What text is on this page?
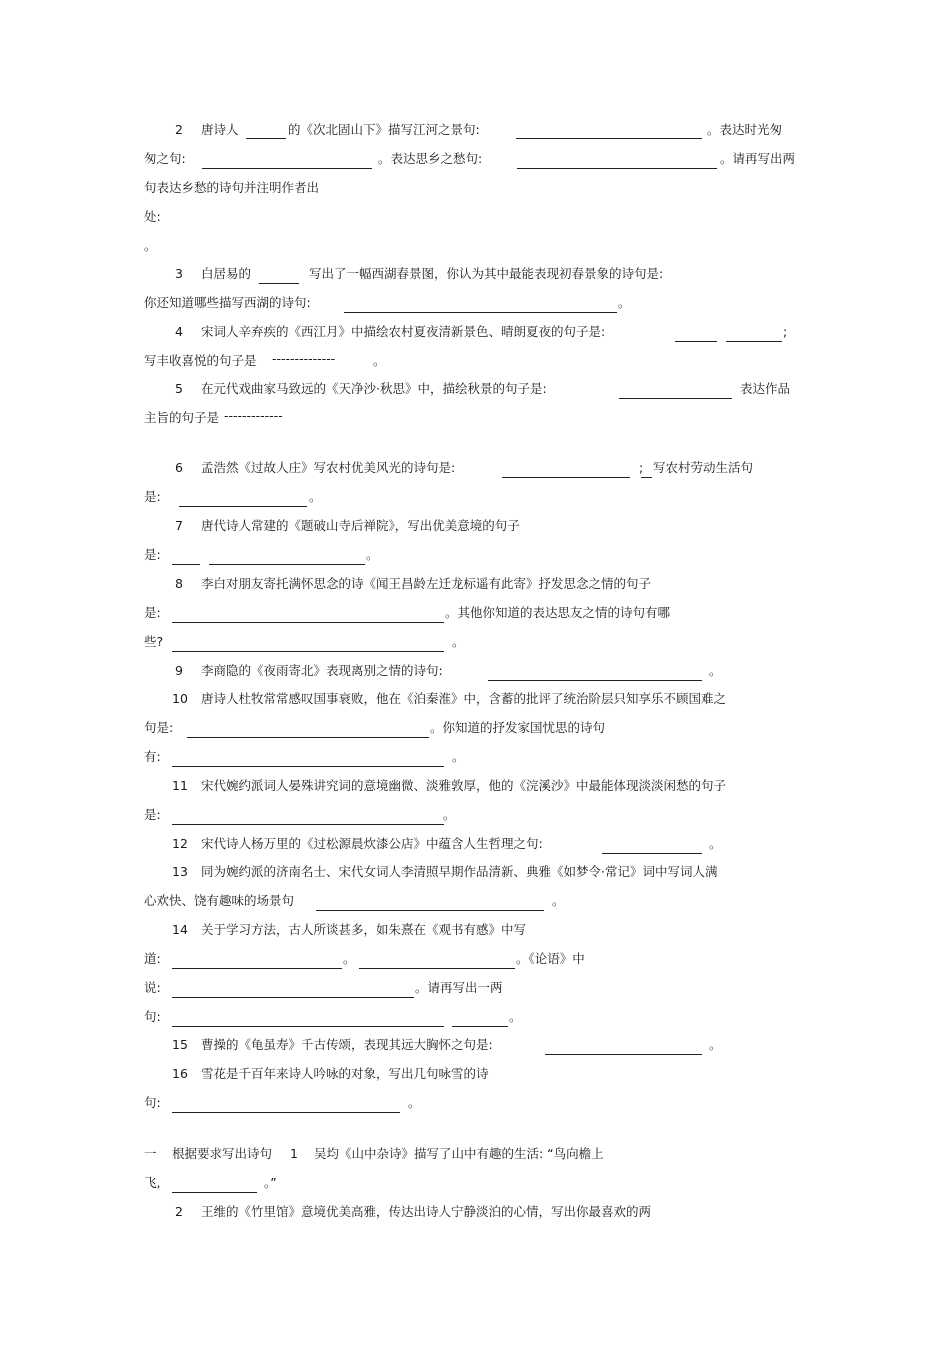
2 唐诗人	的《次北固山下》描写江河之景句:	。表达时光匆
匆之句:	。表达思乡之愁句:	。请再写出两
句表达乡愁的诗句并注明作者出
处:
。
3 白居易的	写出了一幅西湖春景图，你认为其中最能表现初春景象的诗句是:
你还知道哪些描写西湖的诗句:	。
4 宋词人辛弃疾的《西江月》中描绘农村夏夜清新景色、晴朗夏夜的句子是:	;
写丰收喜悦的句子是 --------------	。
5 在元代戏曲家马致远的《天净沙·秋思》中，描绘秋景的句子是:	表达作品
主旨的句子是 -------------
6 孟浩然《过故人庄》写农村优美风光的诗句是:	; 写农村劳动生活句
是:	。
7 唐代诗人常建的《题破山寺后禅院》，写出优美意境的句子
是:	。
8 李白对朋友寄托满怀思念的诗《闻王昌龄左迁龙标遥有此寄》抒发思念之情的句子
是:	。其他你知道的表达思友之情的诗句有哪
些?	。
9 李商隐的《夜雨寄北》表现离别之情的诗句:	。
10 唐诗人杜牧常常感叹国事衰败，他在《泊秦淮》中，含蓄的批评了统治阶层只知享乐不顾国难之
句是:	。你知道的抒发家国忧思的诗句
有:	。
11 宋代婉约派词人晏殊讲究词的意境幽微、淡雅敦厚，他的《浣溪沙》中最能体现淡淡闲愁的句子
是:	。
12 宋代诗人杨万里的《过松源晨炊漆公店》中蕴含人生哲理之句:	。
13 同为婉约派的济南名士、宋代女词人李清照早期作品清新、典雅《如梦令·常记》词中写词人满
心欢快、饶有趣味的场景句	。
14 关于学习方法，古人所谈甚多，如朱熹在《观书有感》中写
道:	。	。《论语》中
说:	。请再写出一两
句:	。
15 曹操的《龟虽寿》千古传颂，表现其远大胸怀之句是:	。
16 雪花是千百年来诗人吟咏的对象，写出几句咏雪的诗
句:	。
一 根据要求写出诗句 1 吴均《山中杂诗》描写了山中有趣的生活: “鸟向檐上
飞,	。”
2 王维的《竹里馆》意境优美高雅，传达出诗人宁静淡泊的心情，写出你最喜欢的两
